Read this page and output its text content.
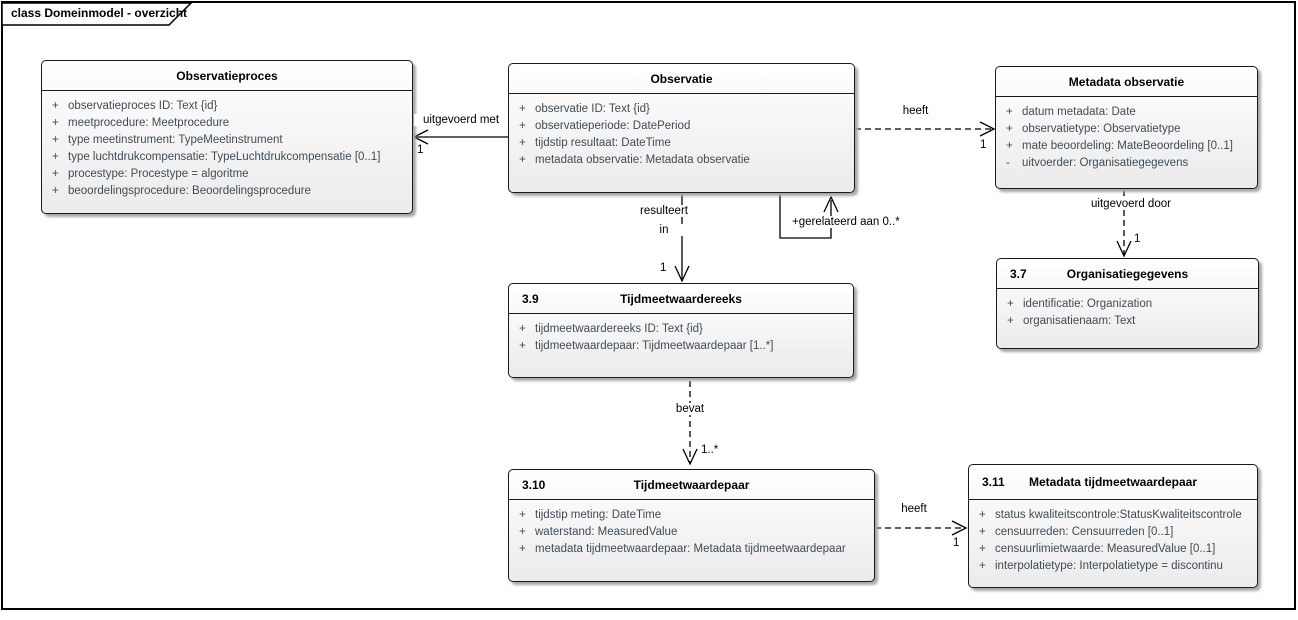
class Domeinmodel - overzicht
Observatieproces
+ observatieproces ID: Text {id}
+ meetprocedure: Meetprocedure
+ type meetinstrument: TypeMeetinstrument
+ type luchtdrukcompensatie: TypeLuchtdrukcompensatie [0..1]
+ procestype: Procestype = algoritme
+ beoordelingsprocedure: Beoordelingsprocedure
Observatie
+ observatie ID: Text {id}
+ observatieperiode: DatePeriod
+ tijdstip resultaat: DateTime
+ metadata observatie: Metadata observatie
Metadata observatie
+ datum metadata: Date
+ observatietype: Observatietype
+ mate beoordeling: MateBeoordeling [0..1]
-	uitvoerder: Organisatiegegevens
3.9	Tijdmeetwaardereeks
+ tijdmeetwaardereeks ID: Text {id}
+ tijdmeetwaardepaar: Tijdmeetwaardepaar [1..*]
3.7	Organisatiegegevens
+ identificatie: Organization
+ organisatienaam: Text
3.10	Tijdmeetwaardepaar
+ tijdstip meting: DateTime
+ waterstand: MeasuredValue
+ metadata tijdmeetwaardepaar: Metadata tijdmeetwaardepaar
3.11	Metadata tijdmeetwaardepaar
+ status kwaliteitscontrole:StatusKwaliteitscontrole
+ censuurreden: Censuurreden [0..1]
+ censuurlimietwaarde: MeasuredValue [0..1]
+ interpolatietype: Interpolatietype = discontinu
uitgevoerd met
1
heeft
1
resulteert
in
1
+gerelateerd aan 0..*
uitgevoerd door
1
bevat
1..*
heeft
1
